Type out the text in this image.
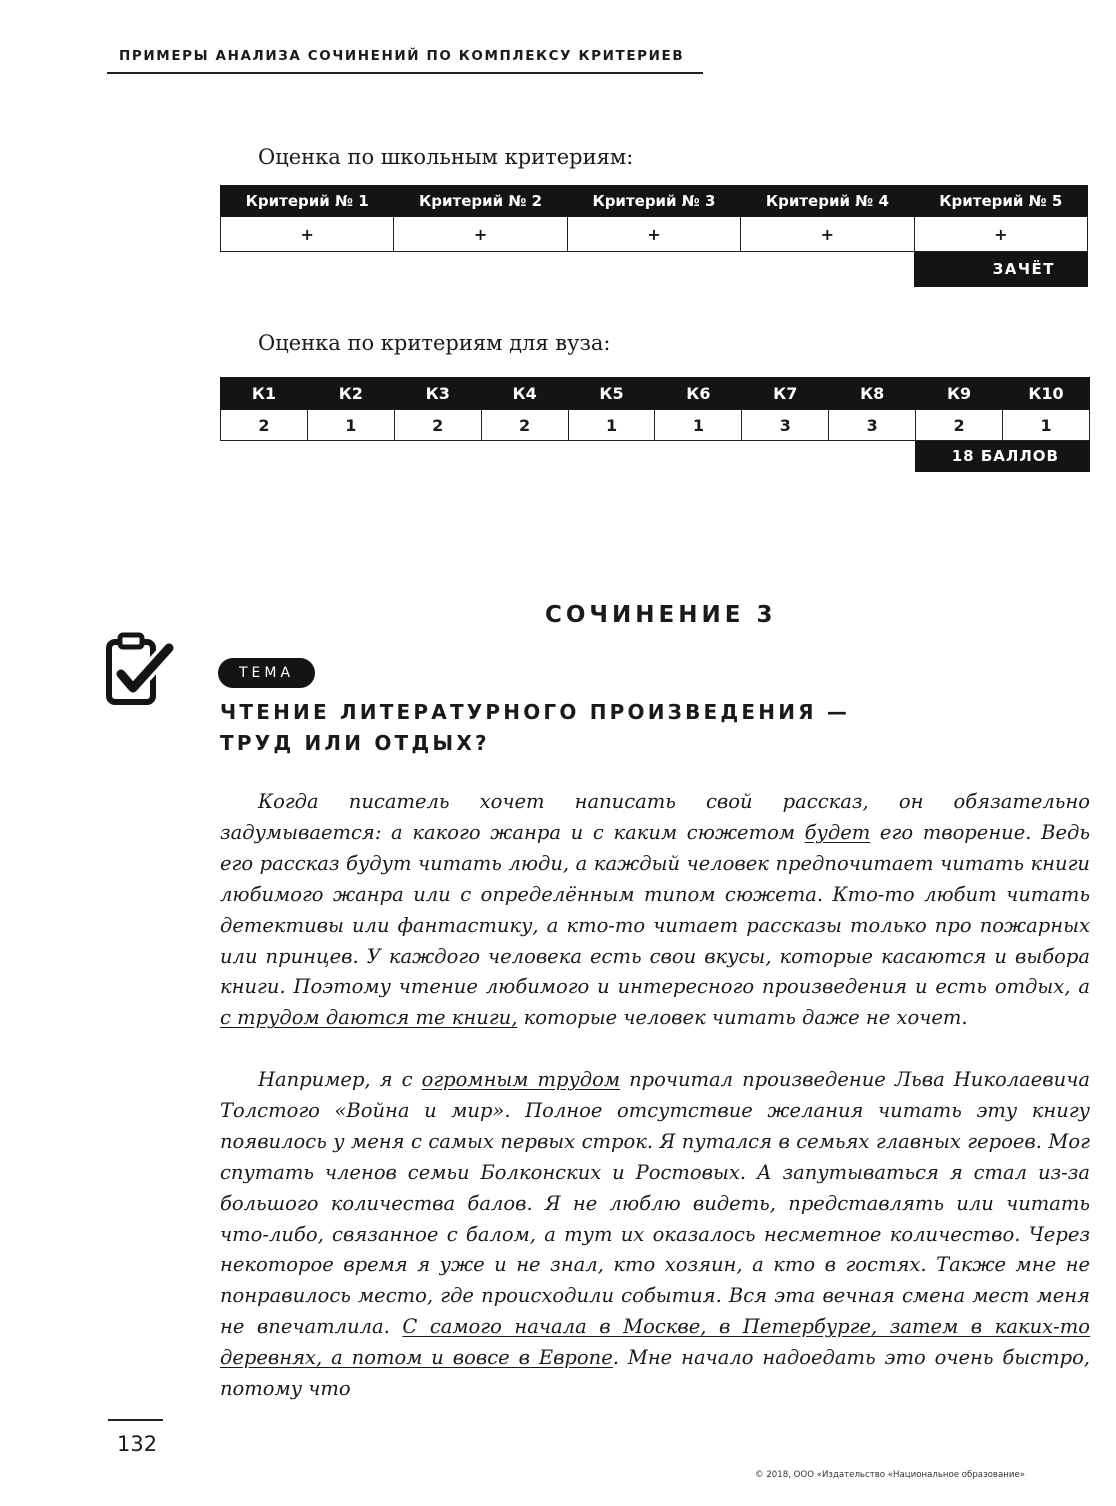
ПРИМЕРЫ АНАЛИЗА СОЧИНЕНИЙ ПО КОМПЛЕКСУ КРИТЕРИЕВ
Оценка по школьным критериям:
Критерий № 1	Критерий № 2	Критерий № 3	Критерий № 4	Критерий № 5
+	+	+	+	+
				ЗАЧЁТ
Оценка по критериям для вуза:
К1	К2	К3	К4	К5	К6	К7	К8	К9	К10
2	1	2	2	1	1	3	3	2	1
								18 БАЛЛОВ	
СОЧИНЕНИЕ 3
ТЕМА
ЧТЕНИЕ ЛИТЕРАТУРНОГО ПРОИЗВЕДЕНИЯ —
ТРУД ИЛИ ОТДЫХ?

Когда писатель хочет написать свой рассказ, он обязательно задумывается: а какого жанра и с каким сюжетом будет его творение. Ведь его рассказ будут читать люди, а каждый человек предпочитает читать книги любимого жанра или с определённым типом сюжета. Кто-то любит читать детективы или фантастику, а кто-то читает рассказы только про пожарных или принцев. У каждого человека есть свои вкусы, которые касаются и выбора книги. Поэтому чтение любимого и интересного произведения и есть отдых, а с трудом даются те книги, которые человек читать даже не хочет.

Например, я с огромным трудом прочитал произведение Льва Николаевича Толстого «Война и мир». Полное отсутствие желания читать эту книгу появилось у меня с самых первых строк. Я путался в семьях главных героев. Мог спутать членов семьи Болконских и Ростовых. А запутываться я стал из-за большого количества балов. Я не люблю видеть, представлять или читать что-либо, связанное с балом, а тут их оказалось несметное количество. Через некоторое время я уже и не знал, кто хозяин, а кто в гостях. Также мне не понравилось место, где происходили события. Вся эта вечная смена мест меня не впечатлила. С самого начала в Москве, в Петербурге, затем в каких-то деревнях, а потом и вовсе в Европе. Мне начало надоедать это очень быстро, потому что

132
© 2018, ООО «Издательство «Национальное образование»
